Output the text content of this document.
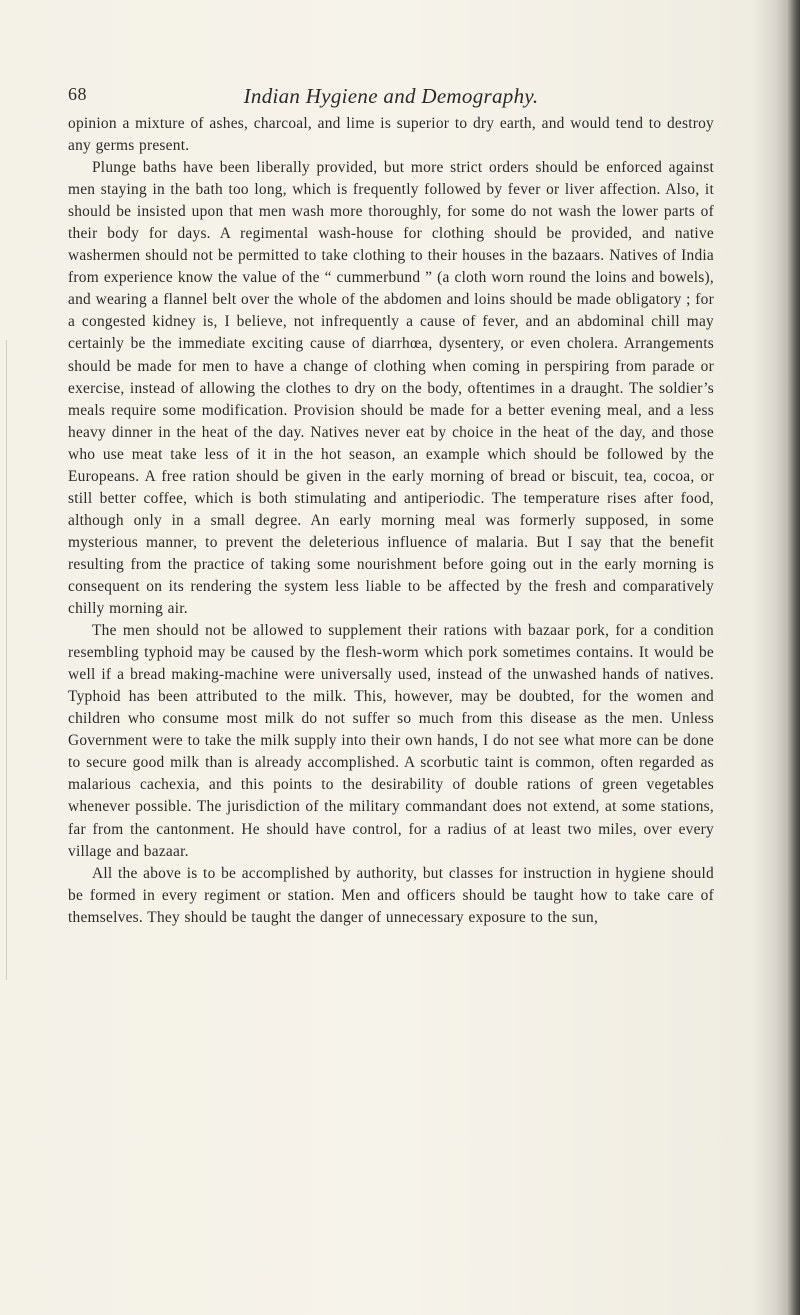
68	Indian Hygiene and Demography.

opinion a mixture of ashes, charcoal, and lime is superior to dry earth, and would tend to destroy any germs present.

Plunge baths have been liberally provided, but more strict orders should be enforced against men staying in the bath too long, which is frequently followed by fever or liver affection. Also, it should be insisted upon that men wash more thoroughly, for some do not wash the lower parts of their body for days. A regimental wash-house for clothing should be provided, and native washermen should not be permitted to take clothing to their houses in the bazaars. Natives of India from experience know the value of the “ cummerbund ” (a cloth worn round the loins and bowels), and wearing a flannel belt over the whole of the abdomen and loins should be made obligatory ; for a congested kidney is, I believe, not infrequently a cause of fever, and an abdominal chill may certainly be the immediate exciting cause of diarrhœa, dysentery, or even cholera. Arrangements should be made for men to have a change of clothing when coming in perspiring from parade or exercise, instead of allowing the clothes to dry on the body, oftentimes in a draught. The soldier’s meals require some modification. Provision should be made for a better evening meal, and a less heavy dinner in the heat of the day. Natives never eat by choice in the heat of the day, and those who use meat take less of it in the hot season, an example which should be followed by the Europeans. A free ration should be given in the early morning of bread or biscuit, tea, cocoa, or still better coffee, which is both stimulating and antiperiodic. The temperature rises after food, although only in a small degree. An early morning meal was formerly supposed, in some mysterious manner, to prevent the deleterious influence of malaria. But I say that the benefit resulting from the practice of taking some nourishment before going out in the early morning is consequent on its rendering the system less liable to be affected by the fresh and comparatively chilly morning air.

The men should not be allowed to supplement their rations with bazaar pork, for a condition resembling typhoid may be caused by the flesh-worm which pork sometimes contains. It would be well if a bread making-machine were universally used, instead of the unwashed hands of natives. Typhoid has been attributed to the milk. This, however, may be doubted, for the women and children who consume most milk do not suffer so much from this disease as the men. Unless Government were to take the milk supply into their own hands, I do not see what more can be done to secure good milk than is already accomplished. A scorbutic taint is common, often regarded as malarious cachexia, and this points to the desirability of double rations of green vegetables whenever possible. The jurisdiction of the military commandant does not extend, at some stations, far from the cantonment. He should have control, for a radius of at least two miles, over every village and bazaar.

All the above is to be accomplished by authority, but classes for instruction in hygiene should be formed in every regiment or station. Men and officers should be taught how to take care of themselves. They should be taught the danger of unnecessary exposure to the sun,
